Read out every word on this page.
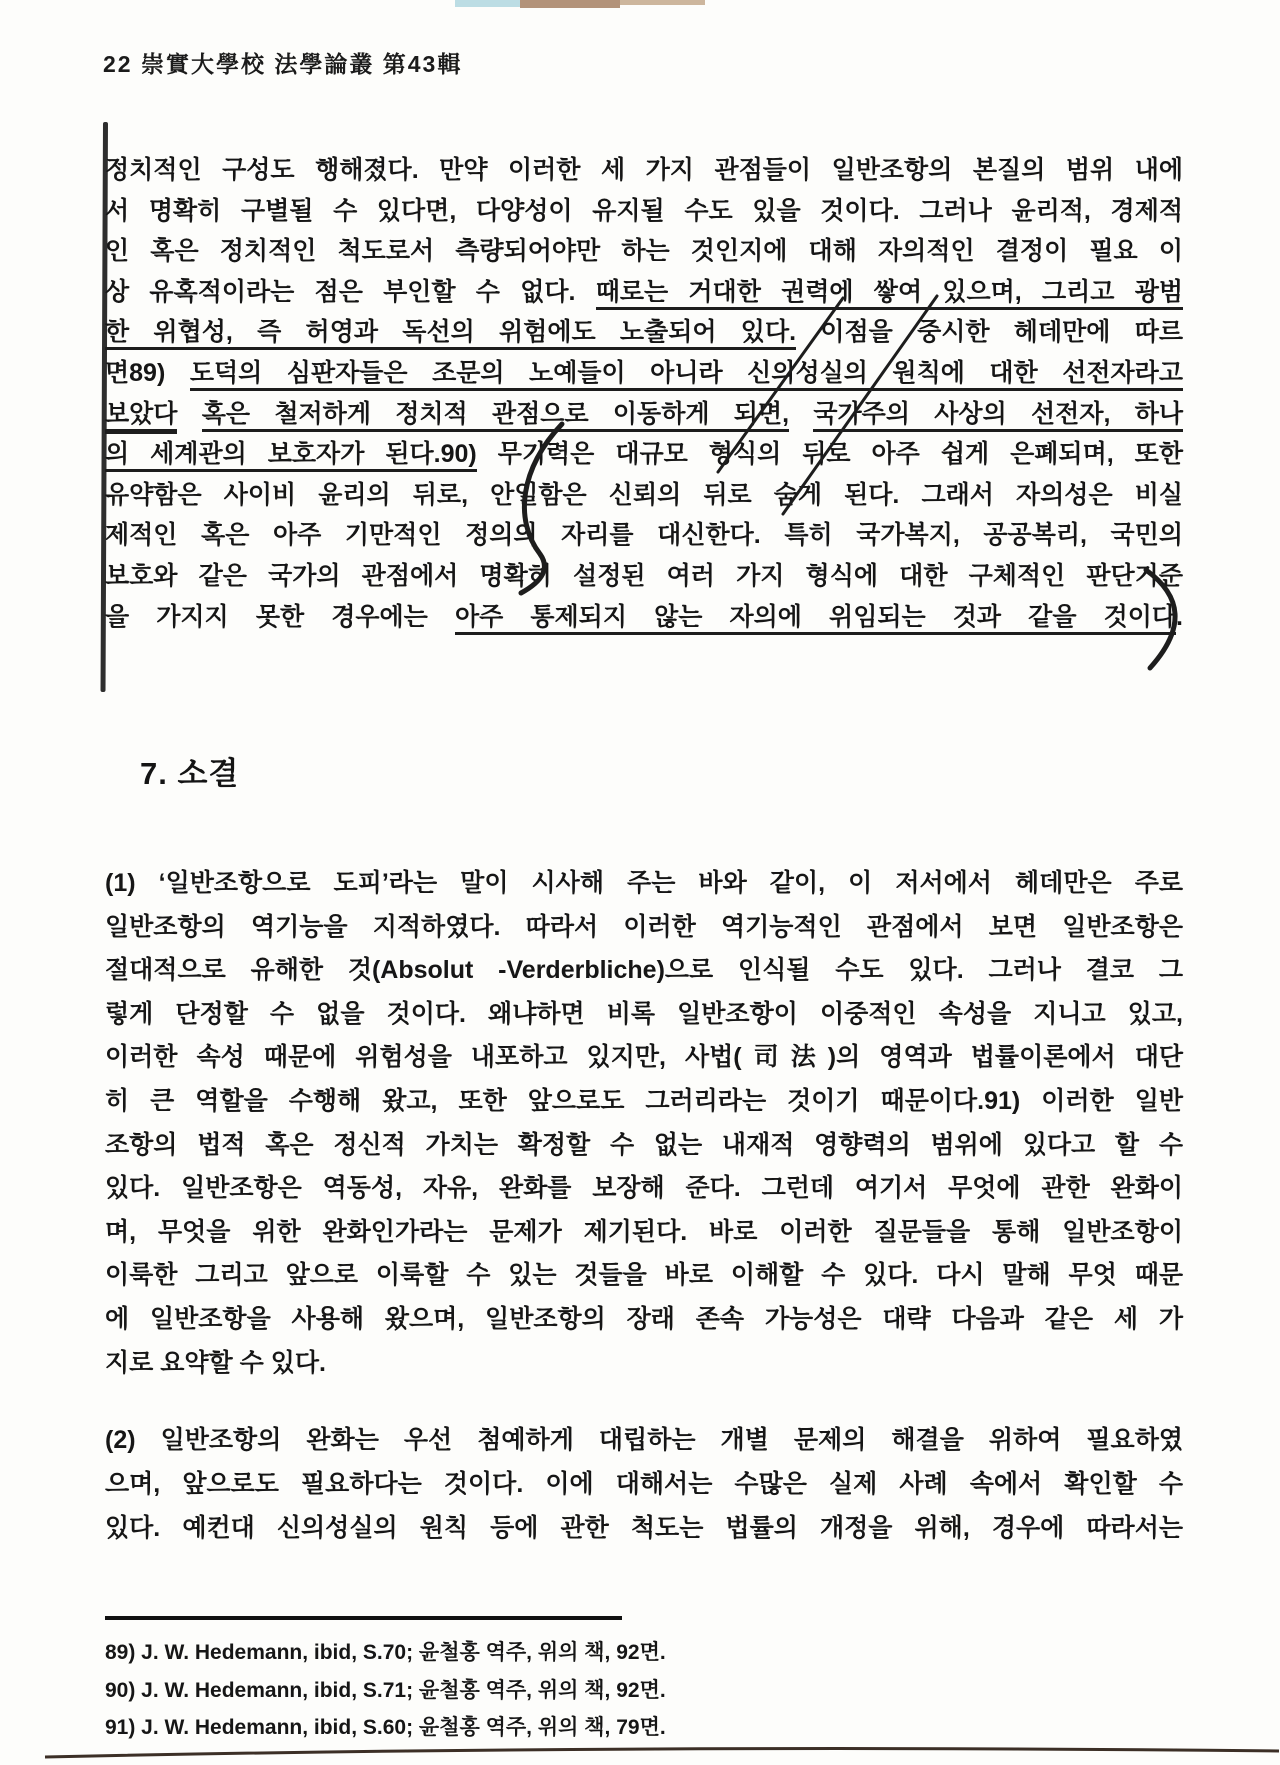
22 崇實大學校 法學論叢 第43輯
정치적인 구성도 행해졌다. 만약 이러한 세 가지 관점들이 일반조항의 본질의 범위 내에
서 명확히 구별될 수 있다면, 다양성이 유지될 수도 있을 것이다. 그러나 윤리적, 경제적
인 혹은 정치적인 척도로서 측량되어야만 하는 것인지에 대해 자의적인 결정이 필요 이
상 유혹적이라는 점은 부인할 수 없다. 때로는 거대한 권력에 쌓여 있으며, 그리고 광범
한 위협성, 즉 허영과 독선의 위험에도 노출되어 있다. 이점을 중시한 헤데만에 따르
면89) 도덕의 심판자들은 조문의 노예들이 아니라 신의성실의 원칙에 대한 선전자라고
보았다 혹은 철저하게 정치적 관점으로 이동하게 되면, 국가주의 사상의 선전자, 하나
의 세계관의 보호자가 된다.90) 무기력은 대규모 형식의 뒤로 아주 쉽게 은폐되며, 또한
유약함은 사이비 윤리의 뒤로, 안일함은 신뢰의 뒤로 숨게 된다. 그래서 자의성은 비실
제적인 혹은 아주 기만적인 정의의 자리를 대신한다. 특히 국가복지, 공공복리, 국민의
보호와 같은 국가의 관점에서 명확히 설정된 여러 가지 형식에 대한 구체적인 판단기준
을 가지지 못한 경우에는 아주 통제되지 않는 자의에 위임되는 것과 같을 것이다.
7. 소결
(1) ‘일반조항으로 도피’라는 말이 시사해 주는 바와 같이, 이 저서에서 헤데만은 주로
일반조항의 역기능을 지적하였다. 따라서 이러한 역기능적인 관점에서 보면 일반조항은
절대적으로 유해한 것(Absolut -Verderbliche)으로 인식될 수도 있다. 그러나 결코 그
렇게 단정할 수 없을 것이다. 왜냐하면 비록 일반조항이 이중적인 속성을 지니고 있고,
이러한 속성 때문에 위험성을 내포하고 있지만, 사법(司法)의 영역과 법률이론에서 대단
히 큰 역할을 수행해 왔고, 또한 앞으로도 그러리라는 것이기 때문이다.91) 이러한 일반
조항의 법적 혹은 정신적 가치는 확정할 수 없는 내재적 영향력의 범위에 있다고 할 수
있다. 일반조항은 역동성, 자유, 완화를 보장해 준다. 그런데 여기서 무엇에 관한 완화이
며, 무엇을 위한 완화인가라는 문제가 제기된다. 바로 이러한 질문들을 통해 일반조항이
이룩한 그리고 앞으로 이룩할 수 있는 것들을 바로 이해할 수 있다. 다시 말해 무엇 때문
에 일반조항을 사용해 왔으며, 일반조항의 장래 존속 가능성은 대략 다음과 같은 세 가
지로 요약할 수 있다.
(2) 일반조항의 완화는 우선 첨예하게 대립하는 개별 문제의 해결을 위하여 필요하였
으며, 앞으로도 필요하다는 것이다. 이에 대해서는 수많은 실제 사례 속에서 확인할 수
있다. 예컨대 신의성실의 원칙 등에 관한 척도는 법률의 개정을 위해, 경우에 따라서는
89) J. W. Hedemann, ibid, S.70; 윤철홍 역주, 위의 책, 92면.
90) J. W. Hedemann, ibid, S.71; 윤철홍 역주, 위의 책, 92면.
91) J. W. Hedemann, ibid, S.60; 윤철홍 역주, 위의 책, 79면.
